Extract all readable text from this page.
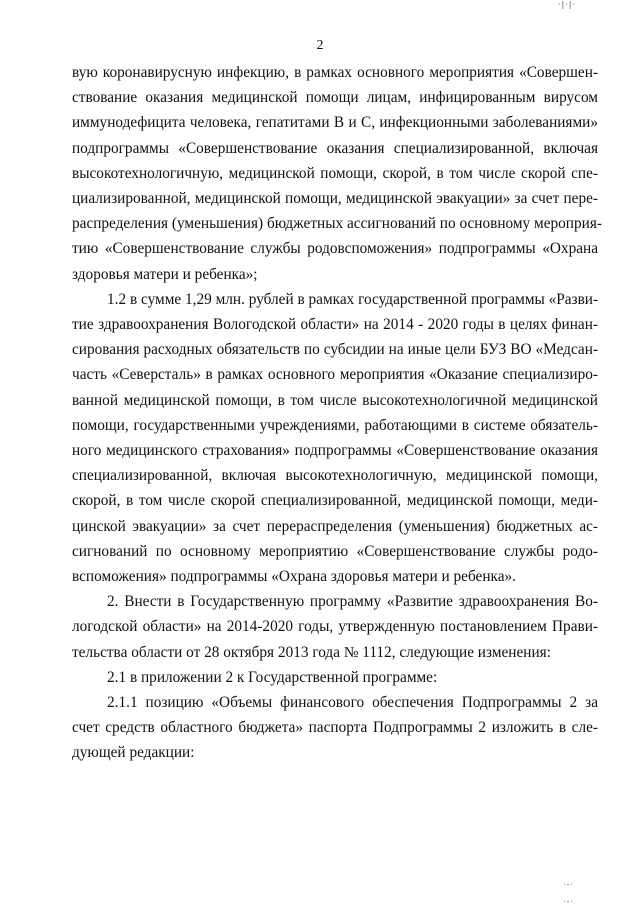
·|·|·
2

вую коронавирусную инфекцию, в рамках основного мероприятия «Совершен-
ствование оказания медицинской помощи лицам, инфицированным вирусом
иммунодефицита человека, гепатитами В и С, инфекционными заболеваниями»
подпрограммы «Совершенствование оказания специализированной, включая
высокотехнологичную, медицинской помощи, скорой, в том числе скорой спе-
циализированной, медицинской помощи, медицинской эвакуации» за счет пере-
распределения (уменьшения) бюджетных ассигнований по основному мероприя-
тию «Совершенствование службы родовспоможения» подпрограммы «Охрана
здоровья матери и ребенка»;

1.2 в сумме 1,29 млн. рублей в рамках государственной программы «Разви-
тие здравоохранения Вологодской области» на 2014 - 2020 годы в целях финан-
сирования расходных обязательств по субсидии на иные цели БУЗ ВО «Медсан-
часть «Северсталь» в рамках основного мероприятия «Оказание специализиро-
ванной медицинской помощи, в том числе высокотехнологичной медицинской
помощи, государственными учреждениями, работающими в системе обязатель-
ного медицинского страхования» подпрограммы «Совершенствование оказания
специализированной, включая высокотехнологичную, медицинской помощи,
скорой, в том числе скорой специализированной, медицинской помощи, меди-
цинской эвакуации» за счет перераспределения (уменьшения) бюджетных ас-
сигнований по основному мероприятию «Совершенствование службы родо-
вспоможения» подпрограммы «Охрана здоровья матери и ребенка».

2. Внести в Государственную программу «Развитие здравоохранения Во-
логодской области» на 2014-2020 годы, утвержденную постановлением Прави-
тельства области от 28 октября 2013 года № 1112, следующие изменения:

2.1 в приложении 2 к Государственной программе:

2.1.1 позицию «Объемы финансового обеспечения Подпрограммы 2 за
счет средств областного бюджета» паспорта Подпрограммы 2 изложить в сле-
дующей редакции:

·-·
·-·
